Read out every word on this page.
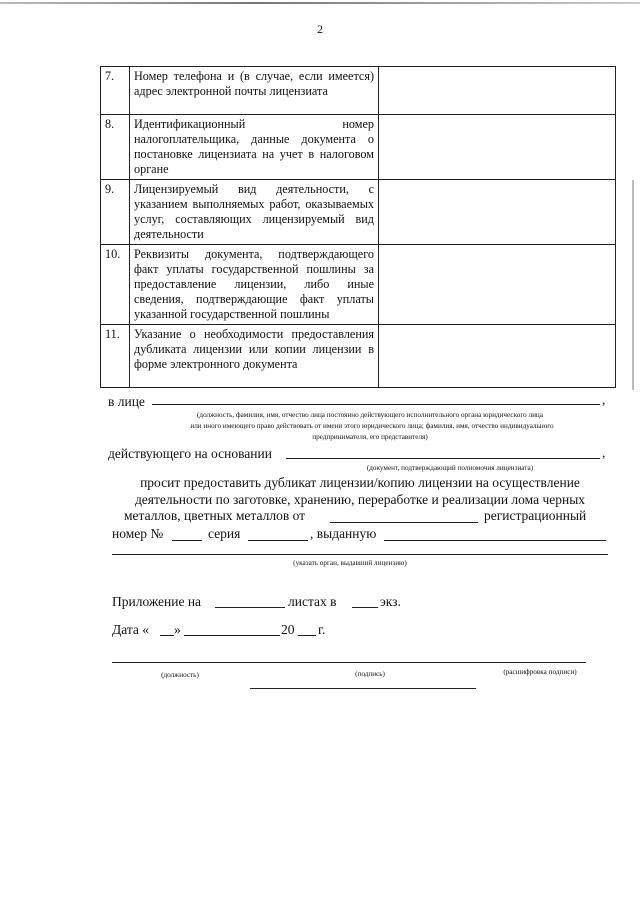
2
7.	Номер телефона и (в случае, если имеется) адрес электронной почты лицензиата	
8.	Идентификационный номер налогоплательщика, данные документа о постановке лицензиата на учет в налоговом органе	
9.	Лицензируемый вид деятельности, с указанием выполняемых работ, оказываемых услуг, составляющих лицензируемый вид деятельности	
10.	Реквизиты документа, подтверждающего факт уплаты государственной пошлины за предоставление лицензии, либо иные сведения, подтверждающие факт уплаты указанной государственной пошлины	
11.	Указание о необходимости предоставления дубликата лицензии или копии лицензии в форме электронного документа	
в лице	,
(должность, фамилия, имя, отчество лица постоянно действующего исполнительного органа юридического лица
или иного имеющего право действовать от имени этого юридического лица; фамилия, имя, отчество индивидуального
предпринимателя, его представителя)
действующего на основании	,
(документ, подтверждающий полномочия лицензиата)
просит предоставить дубликат лицензии/копию лицензии на осуществление
деятельности по заготовке, хранению, переработке и реализации лома черных
металлов, цветных металлов от	регистрационный
номер №	серия	, выданную
(указать орган, выдавший лицензию)
Приложение на	листах в	экз.
Дата « »	20 г.
(должность)	(подпись)	(расшифровка подписи)
